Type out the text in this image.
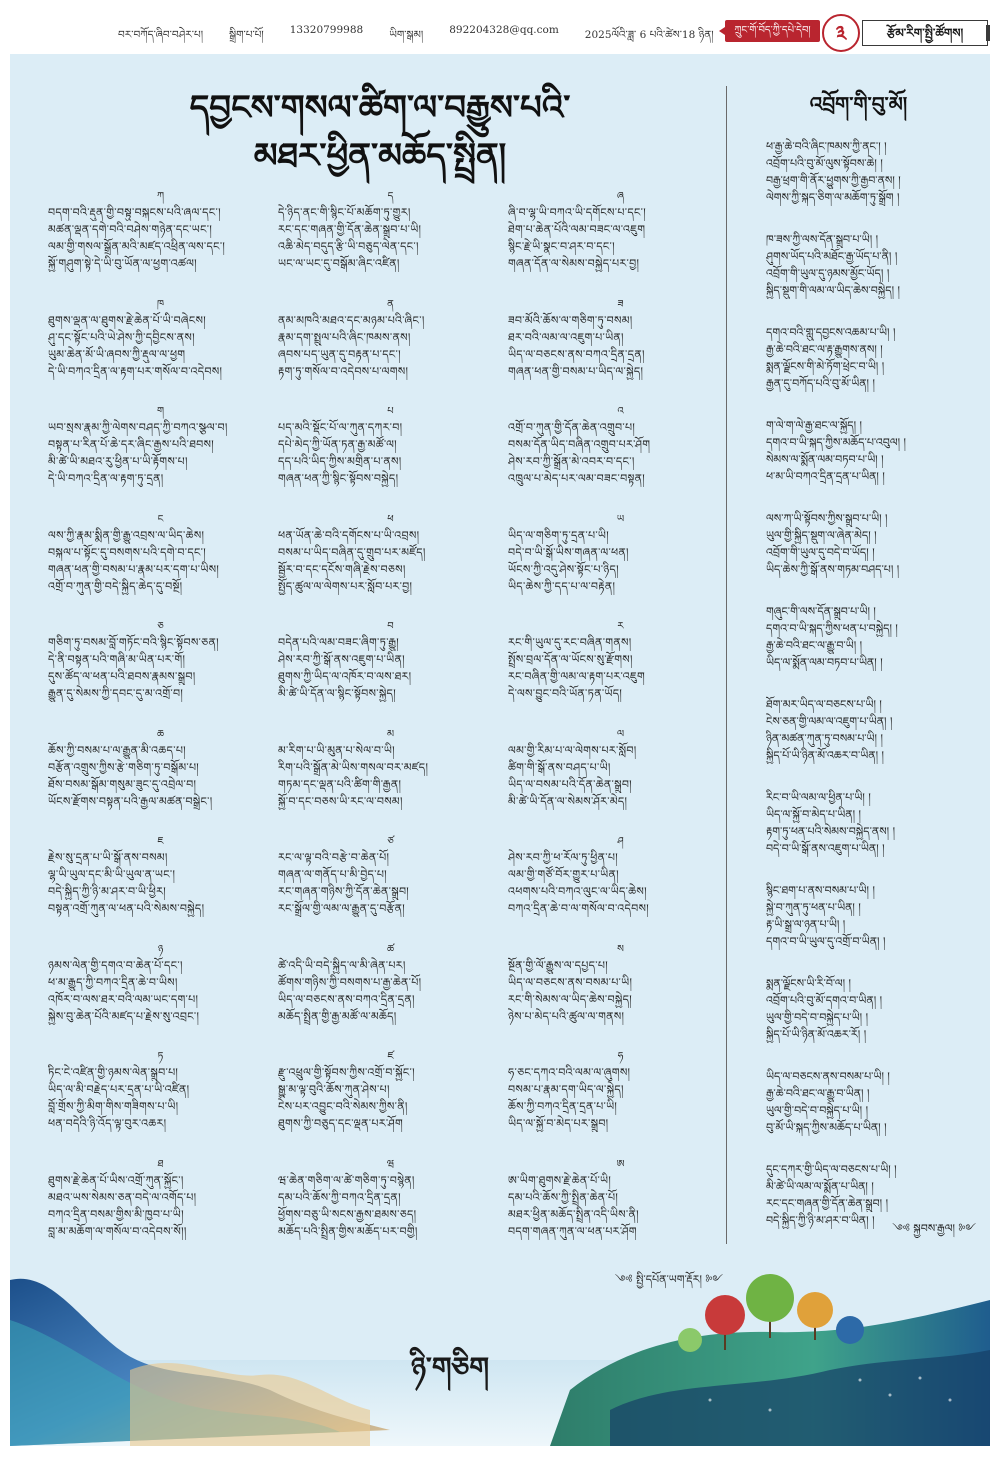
བར་བཀོད་ཞིབ་བཤེར་པ། སྒྲིག་པ་པོ། 13320799988 ཡིག་སྒམ། 892204328@qq.com 2025ལོའི་ཟླ་ 6 པའི་ཚེས་18 ཉིན།	ཀྲུང་གོ་བོད་ཀྱི་དཔེ་དེབ།	༣	རྩོམ་རིག་སྤྱི་ཚོགས།
དབྱངས་གསལ་ཚིག་ལ་བརྒྱུས་པའི་
མཐར་ཕྱིན་མཆོད་སྤྲིན།
འབྲོག་གི་བུ་མོ།
ཀ
བདག་བའི་རྡུན་གྱི་བསྟུ་བསྐངས་པའི་ཞལ་དང་།
མཚན་ལྡན་དགེ་བའི་བཤེས་གཉེན་དང་ཡང་།
ལམ་གྱི་གསལ་སྒྲོན་མའི་མཛད་འཕྲིན་ལས་དང་།
སྐྱོ་གཤུག་སྟེ་དེ་ཡི་བུ་ཡོན་ལ་ཕྱག་འཚལ།
ཁ
ཐུགས་ལྡན་ལ་ཐུགས་རྗེ་ཆེན་པོ་ཡི་བཞེངས།
ཤུ་དང་སྟོང་པའི་ཡེ་ཤེས་ཀྱི་དབྱིངས་ནས།
ཡུམ་ཆེན་མོ་ཡི་ཞབས་ཀྱི་རྡུལ་ལ་ཕྱག
དེ་ཡི་བཀའ་དྲིན་ལ་རྟག་པར་གསོལ་བ་འདེབས།
ག
ཡབ་སྲས་རྣམ་ཀྱི་ལེགས་བཤད་ཀྱི་བཀའ་སྩལ་བ།
བསྟན་པ་རིན་པོ་ཆེ་དར་ཞིང་རྒྱས་པའི་ཐབས།
མི་ཚེ་ཡི་མཐའ་རུ་ཕྱིན་པ་ཡི་རྟོགས་པ།
དེ་ཡི་བཀའ་དྲིན་ལ་རྟག་ཏུ་དྲན།
ང
ལས་ཀྱི་རྣམ་སྨིན་གྱི་རྒྱུ་འབྲས་ལ་ཡིད་ཆེས།
བསྐལ་པ་སྟོང་དུ་བསགས་པའི་དགེ་བ་དང་།
གཞན་ཕན་གྱི་བསམ་པ་རྣམ་པར་དག་པ་ཡིས།
འགྲོ་བ་ཀུན་གྱི་བདེ་སྐྱིད་ཆེད་དུ་བསྔོ།
ཅ
གཅིག་ཏུ་བསམ་བློ་གཏོང་བའི་སྙིང་སྟོབས་ཅན།
དེ་ནི་བསྟན་པའི་གཞི་མ་ཡིན་པར་གོ།
དུས་ཚོད་ལ་ཕན་པའི་ཐབས་རྣམས་སྒྲུབ།
རྒྱུན་དུ་སེམས་ཀྱི་དབང་དུ་མ་འགྲོ་བ།
ཆ
ཆོས་ཀྱི་བསམ་པ་ལ་རྒྱུན་མི་འཆད་པ།
བརྩོན་འགྲུས་ཀྱིས་རྩེ་གཅིག་ཏུ་བསྒོམ་པ།
ཐོས་བསམ་སྒོམ་གསུམ་ཟུང་དུ་འབྲེལ་བ།
ཡོངས་རྫོགས་བསྟན་པའི་རྒྱལ་མཚན་བསྒྲེང་།
ཇ
རྗེས་སུ་དྲན་པ་ཡི་སྒོ་ནས་བསམ།
ལྷ་ཡི་ཡུལ་དང་མི་ཡི་ཡུལ་ན་ཡང་།
བདེ་སྐྱིད་ཀྱི་ཉི་མ་ཤར་བ་ཡི་ཕྱིར།
བསྟན་འགྲོ་ཀུན་ལ་ཕན་པའི་སེམས་བསྐྱེད།
ཉ
ཉམས་ལེན་གྱི་དགའ་བ་ཆེན་པོ་དང་།
ཕ་མ་རྒྱུད་ཀྱི་བཀའ་དྲིན་ཆེ་བ་ཡིས།
འཁོར་བ་ལས་ཐར་བའི་ལམ་ཡང་དག་པ།
སྐྱེས་བུ་ཆེན་པོའི་མཛད་པ་རྗེས་སུ་འབྲང་།
ཏ
ཏིང་ངེ་འཛིན་གྱི་ཉམས་ལེན་སྒྲུབ་པ།
ཡིད་ལ་མི་བརྗེད་པར་དྲན་པ་ཡི་འཛིན།
བློ་གྲོས་ཀྱི་མིག་གིས་གཟིགས་པ་ཡི།
ཕན་བདེའི་ཉི་འོད་ལྟ་བུར་འཆར།
ཐ
ཐུགས་རྗེ་ཆེན་པོ་ཡིས་འགྲོ་ཀུན་སྐྱོང་།
མཐའ་ཡས་སེམས་ཅན་བདེ་ལ་འགོད་པ།
བཀའ་དྲིན་བསམ་གྱིས་མི་ཁྱབ་པ་ཡི།
བླ་མ་མཆོག་ལ་གསོལ་བ་འདེབས་སོ།།
ད
དེ་ཉིད་ནང་གི་སྙིང་པོ་མཆོག་ཏུ་གྱུར།
རང་དང་གཞན་གྱི་དོན་ཆེན་སྒྲུབ་པ་ཡི།
འཆི་མེད་བདུད་རྩི་ཡི་བཅུད་ལེན་དང་།
ཡང་ལ་ཡང་དུ་བསྒོམ་ཞིང་འཛིན།
ན
ནམ་མཁའི་མཐའ་དང་མཉམ་པའི་ཞིང་།
རྣམ་དག་སྤྲུལ་པའི་ཞིང་ཁམས་ནས།
ཞབས་པད་ཡུན་དུ་བརྟན་པ་དང་།
རྟག་ཏུ་གསོལ་བ་འདེབས་པ་ལགས།
པ
པད་མའི་སྡོང་པོ་ལ་ཀུན་དཀར་བ།
དཔེ་མེད་ཀྱི་ཡོན་ཏན་རྒྱ་མཚོ་ལ།
དད་པའི་ཡིད་ཀྱིས་མགྲིན་པ་ནས།
གཞན་ཕན་ཀྱི་སྙིང་སྟོབས་བསྐྱེད།
ཕ
ཕན་ཡོན་ཆེ་བའི་དགོངས་པ་ཡི་འབྲས།
བསམ་པ་ཡིད་བཞིན་དུ་གྲུབ་པར་མཛོད།
སྦྱོར་བ་དང་དངོས་གཞི་རྗེས་བཅས།
སྤྱོད་ཚུལ་ལ་ལེགས་པར་སློབ་པར་བྱ།
བ
བདེན་པའི་ལམ་བཟང་ཞིག་ཏུ་རྒྱུ།
ཤེས་རབ་ཀྱི་སྒོ་ནས་འཇུག་པ་ཡིན།
ཐུགས་ཀྱི་ཡིད་ལ་འཁོར་བ་ལས་ཐར།
མི་ཚེ་ཡི་དོན་ལ་སྙིང་སྟོབས་སྐྱེད།
མ
མ་རིག་པ་ཡི་མུན་པ་སེལ་བ་ཡི།
རིག་པའི་སྒྲོན་མེ་ཡིས་གསལ་བར་མཛད།
གཏམ་དང་ལྡན་པའི་ཚིག་གི་རྒྱན།
སྐྱོ་བ་དང་བཅས་ཡི་རང་ལ་བསམ།
ཙ
རང་ལ་ལྟ་བའི་བརྩེ་བ་ཆེན་པོ།
གཞན་ལ་གནོད་པ་མི་བྱེད་པ།
རང་གཞན་གཉིས་ཀྱི་དོན་ཆེན་སྒྲུབ།
རང་སྒྲོལ་གྱི་ལམ་ལ་རྒྱུན་དུ་བརྩོན།
ཚ
ཚེ་འདི་ཡི་བདེ་སྐྱིད་ལ་མི་ཞེན་པར།
ཚོགས་གཉིས་ཀྱི་བསགས་པ་རྒྱ་ཆེན་པོ།
ཡིད་ལ་བཅངས་ནས་བཀའ་དྲིན་དྲན།
མཆོད་སྤྲིན་གྱི་རྒྱ་མཚོ་ལ་མཆོད།
ཛ
རྫུ་འཕྲུལ་གྱི་སྟོབས་ཀྱིས་འགྲོ་བ་སྐྱོང་།
སྒྱུ་མ་ལྟ་བུའི་ཆོས་ཀུན་ཤེས་པ།
ངེས་པར་འབྱུང་བའི་སེམས་ཀྱིས་ནི།
ཐུགས་ཀྱི་བཅུད་དང་ལྡན་པར་ཤོག
ཝ
ཝ་ཆེན་གཅིག་ལ་ཚེ་གཅིག་ཏུ་བསྙེན།
དམ་པའི་ཆོས་ཀྱི་བཀའ་དྲིན་དྲན།
ཕྱོགས་བཅུ་ཡི་སངས་རྒྱས་ཐམས་ཅད།
མཆོད་པའི་སྤྲིན་གྱིས་མཆོད་པར་བགྱི།
ཞ
ཞི་བ་ལྷ་ཡི་བཀའ་ཡི་དགོངས་པ་དང་།
ཐེག་པ་ཆེན་པོའི་ལམ་བཟང་ལ་འཇུག
སྙིང་རྗེ་ཡི་སྣང་བ་ཤར་བ་དང་།
གཞན་དོན་ལ་སེམས་བསྐྱེད་པར་བྱ།
ཟ
ཟབ་མོའི་ཆོས་ལ་གཅིག་ཏུ་བསམ།
ཐར་བའི་ལམ་ལ་འཇུག་པ་ཡིན།
ཡིད་ལ་བཅངས་ནས་བཀའ་དྲིན་དྲན།
གཞན་ཕན་གྱི་བསམ་པ་ཡིད་ལ་སྐྱེད།
འ
འགྲོ་བ་ཀུན་གྱི་དོན་ཆེན་འགྲུབ་པ།
བསམ་དོན་ཡིད་བཞིན་འགྲུབ་པར་ཤོག
ཤེས་རབ་ཀྱི་སྒྲོན་མེ་འབར་བ་དང་།
འཁྲུལ་པ་མེད་པར་ལམ་བཟང་བསྟན།
ཡ
ཡིད་ལ་གཅིག་ཏུ་དྲན་པ་ཡི།
བདེ་བ་ཡི་སྒོ་ཡིས་གཞན་ལ་ཕན།
ཡོངས་ཀྱི་འདུ་ཤེས་སྟོང་པ་ཉིད།
ཡིད་ཆེས་ཀྱི་དད་པ་ལ་བརྟེན།
ར
རང་གི་ཡུལ་དུ་རང་བཞིན་གནས།
སྤྲོས་བྲལ་དོན་ལ་ཡོངས་སུ་རྫོགས།
རང་བཞིན་གྱི་ལམ་ལ་རྟག་པར་འཇུག
དེ་ལས་བྱུང་བའི་ཡོན་ཏན་ཡོད།
ལ
ལམ་གྱི་རིམ་པ་ལ་ལེགས་པར་སློབ།
ཚིག་གི་སྒོ་ནས་བཤད་པ་ཡི།
ཡིད་ལ་བསམ་པའི་དོན་ཆེན་སྒྲུབ།
མི་ཚེ་ཡི་དོན་ལ་སེམས་ཤོར་མེད།
ཤ
ཤེས་རབ་ཀྱི་ཕ་རོལ་ཏུ་ཕྱིན་པ།
ལམ་གྱི་གཙོ་བོར་གྱུར་པ་ཡིན།
འཕགས་པའི་བཀའ་ལུང་ལ་ཡིད་ཆེས།
བཀའ་དྲིན་ཆེ་བ་ལ་གསོལ་བ་འདེབས།
ས
སྔོན་གྱི་ལོ་རྒྱུས་ལ་དཔྱད་པ།
ཡིད་ལ་བཅངས་ནས་བསམ་པ་ཡི།
རང་གི་སེམས་ལ་ཡིད་ཆེས་བསྐྱེད།
ཉེས་པ་མེད་པའི་ཚུལ་ལ་གནས།
ཧ
ཧ་ཅང་དཀའ་བའི་ལམ་ལ་ཞུགས།
བསམ་པ་རྣམ་དག་ཡིད་ལ་སྐྱེད།
ཆོས་ཀྱི་བཀའ་དྲིན་དྲན་པ་ཡི།
ཡིད་ལ་སྐྱོ་བ་མེད་པར་སྒྲུབ།
ཨ
ཨ་ཡིག་ཐུགས་རྗེ་ཆེན་པོ་ཡི།
དམ་པའི་ཆོས་ཀྱི་སྤྲིན་ཆེན་པོ།
མཐར་ཕྱིན་མཆོད་སྤྲིན་འདི་ཡིས་ནི།
བདག་གཞན་ཀུན་ལ་ཕན་པར་ཤོག
༺ སྤྱི་དཔོན་ཡག་རྡོར། ༻
ཕ་རྒྱ་ཆེ་བའི་ཞིང་ཁམས་ཀྱི་ནང་། །
འབྲོག་པའི་བུ་མོ་ལུས་སྟོབས་ཆེ། །
བརྒྱ་ཕྲག་གི་ནོར་ཕྱུགས་ཀྱི་རྒྱབ་ནས། །
ལེགས་ཀྱི་སྐད་ཅིག་ལ་མཆོག་ཏུ་སྒྲོག །
ཁ་ཟས་ཀྱི་ལས་དོན་སྒྲུབ་པ་ཡི། །
ཤུགས་ཡོད་པའི་མཐོང་རྒྱ་ཡོད་པ་ནི། །
འབྲོག་གི་ཡུལ་དུ་ཉམས་མྱོང་ཡོད། །
སྐྱིད་སྡུག་གི་ལམ་ལ་ཡིད་ཆེས་བསྐྱེད། །
དགའ་བའི་གླུ་དབྱངས་འཆམ་པ་ཡི། །
རྒྱ་ཆེ་བའི་ཐང་ལ་རྟ་རྒྱུགས་ནས། །
སྨན་ལྗོངས་གི་མེ་ཏོག་ཕྲེང་བ་ཡི། །
རྒྱན་དུ་བཀོད་པའི་བུ་མོ་ཡིན། །
ག་ལེ་ག་ལེ་རྒྱ་ཐང་ལ་སྐྱོད། །
དགའ་བ་ཡི་སྐད་ཀྱིས་མཆོད་པ་འབུལ། །
སེམས་ལ་སྨོན་ལམ་བཏབ་པ་ཡི། །
ཕ་མ་ཡི་བཀའ་དྲིན་དྲན་པ་ཡིན། །
ལས་ཀ་ཡི་སྟོབས་ཀྱིས་སྒྲུབ་པ་ཡི། །
ཡུལ་གྱི་སྐྱིད་སྡུག་ལ་ཞེན་མེད། །
འབྲོག་གི་ཡུལ་དུ་བདེ་བ་ཡོད། །
ཡིད་ཆེས་ཀྱི་སྒོ་ནས་གཏམ་བཤད་པ། །
གཞུང་གི་ལས་དོན་སྒྲུབ་པ་ཡི། །
དགའ་བ་ཡི་སྐད་ཀྱིས་ཕན་པ་བསྐྱེད། །
རྒྱ་ཆེ་བའི་ཐང་ལ་རྒྱུ་བ་ཡི། །
ཡིད་ལ་སྨོན་ལམ་བཏབ་པ་ཡིན། །
ཐོག་མར་ཡིད་ལ་བཅངས་པ་ཡི། །
ངེས་ཅན་གྱི་ལམ་ལ་འཇུག་པ་ཡིན། །
ཉིན་མཚན་ཀུན་ཏུ་བསམ་པ་ཡི། །
སྐྱིད་པོ་ཡི་ཉིན་མོ་འཆར་བ་ཡིན། །
རིང་བ་ཡི་ལམ་ལ་ཕྱིན་པ་ཡི། །
ཡིད་ལ་སྐྱོ་བ་མེད་པ་ཡིན། །
རྟག་ཏུ་ཕན་པའི་སེམས་བསྐྱེད་ནས། །
བདེ་བ་ཡི་སྒོ་ནས་འཇུག་པ་ཡིན། །
སྙིང་ཐག་པ་ནས་བསམ་པ་ཡི། །
སྐྱེ་བ་ཀུན་ཏུ་ཕན་པ་ཡིན། །
རྟ་ཡི་སྒྲ་ལ་ཉན་པ་ཡི། །
དགའ་བ་ཡི་ཡུལ་དུ་འགྲོ་བ་ཡིན། །
སྨན་ལྗོངས་ཡི་རི་བོ་ལ། །
འབྲོག་པའི་བུ་མོ་དགའ་བ་ཡིན། །
ཡུལ་གྱི་བདེ་བ་བསྐྱེད་པ་ཡི། །
སྐྱིད་པོ་ཡི་ཉིན་མོ་འཆར་རོ། །
ཡིད་ལ་བཅངས་ནས་བསམ་པ་ཡི། །
རྒྱ་ཆེ་བའི་ཐང་ལ་རྒྱུ་བ་ཡིན། །
ཡུལ་གྱི་བདེ་བ་བསྐྱེད་པ་ཡི། །
བུ་མོ་ཡི་སྐད་ཀྱིས་མཆོད་པ་ཡིན། །
དུང་དཀར་གྱི་ཡིད་ལ་བཅངས་པ་ཡི། །
མི་ཚེ་ཡི་ལམ་ལ་སྨོན་པ་ཡིན། །
རང་དང་གཞན་གྱི་དོན་ཆེན་སྒྲུབ། །
བདེ་སྐྱིད་ཀྱི་ཉི་མ་ཤར་བ་ཡིན། །
༺ སྐྱབས་རྒྱལ། ༻
ཉི་གཅིག
